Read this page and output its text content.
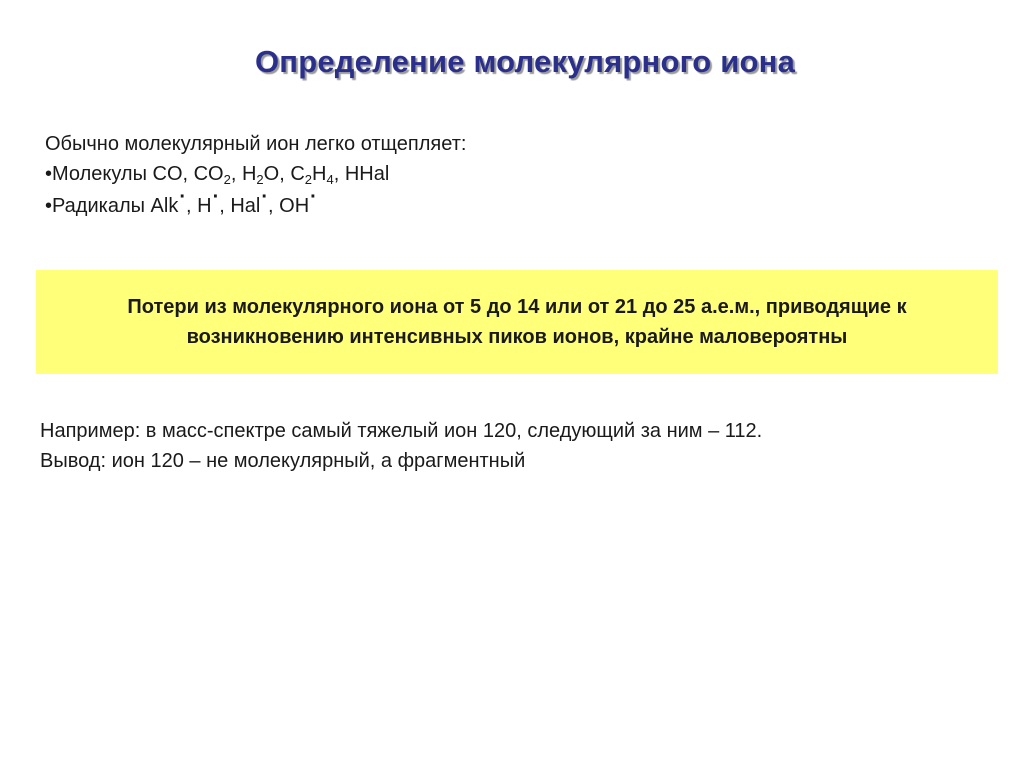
Определение молекулярного иона
Обычно молекулярный ион легко отщепляет:
•Молекулы CO, $CO_2$, $H_2O$, $C_2H_4$, HHal
•Радикалы Alk·, H·, Hal·, OH·
Потери из молекулярного иона от 5 до 14 или от 21 до 25 а.е.м., приводящие к возникновению интенсивных пиков ионов, крайне маловероятны
Например: в масс-спектре самый тяжелый ион 120, следующий за ним – 112.
Вывод: ион 120 – не молекулярный, а фрагментный
